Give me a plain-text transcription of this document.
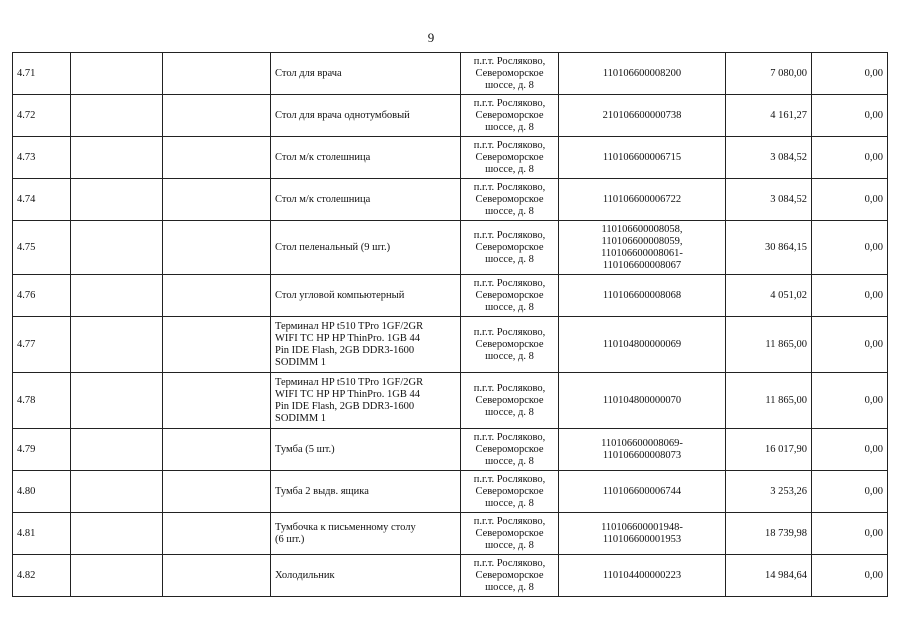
9
4.71			Стол для врача	п.г.т. Росляково,
Североморское
шоссе, д. 8	110106600008200	7 080,00	0,00
4.72			Стол для врача однотумбовый	п.г.т. Росляково,
Североморское
шоссе, д. 8	210106600000738	4 161,27	0,00
4.73			Стол м/к столешница	п.г.т. Росляково,
Североморское
шоссе, д. 8	110106600006715	3 084,52	0,00
4.74			Стол м/к столешница	п.г.т. Росляково,
Североморское
шоссе, д. 8	110106600006722	3 084,52	0,00
4.75			Стол пеленальный (9 шт.)	п.г.т. Росляково,
Североморское
шоссе, д. 8	110106600008058,
110106600008059,
110106600008061-
110106600008067	30 864,15	0,00
4.76			Стол угловой компьютерный	п.г.т. Росляково,
Североморское
шоссе, д. 8	110106600008068	4 051,02	0,00
4.77			Терминал HP t510 TPro 1GF/2GR
WIFI TC HP HP ThinPro. 1GB 44
Pin IDE Flash, 2GB DDR3-1600
SODIMM 1	п.г.т. Росляково,
Североморское
шоссе, д. 8	110104800000069	11 865,00	0,00
4.78			Терминал HP t510 TPro 1GF/2GR
WIFI TC HP HP ThinPro. 1GB 44
Pin IDE Flash, 2GB DDR3-1600
SODIMM 1	п.г.т. Росляково,
Североморское
шоссе, д. 8	110104800000070	11 865,00	0,00
4.79			Тумба (5 шт.)	п.г.т. Росляково,
Североморское
шоссе, д. 8	110106600008069-
110106600008073	16 017,90	0,00
4.80			Тумба 2 выдв. ящика	п.г.т. Росляково,
Североморское
шоссе, д. 8	110106600006744	3 253,26	0,00
4.81			Тумбочка к письменному столу
(6 шт.)	п.г.т. Росляково,
Североморское
шоссе, д. 8	110106600001948-
110106600001953	18 739,98	0,00
4.82			Холодильник	п.г.т. Росляково,
Североморское
шоссе, д. 8	110104400000223	14 984,64	0,00
